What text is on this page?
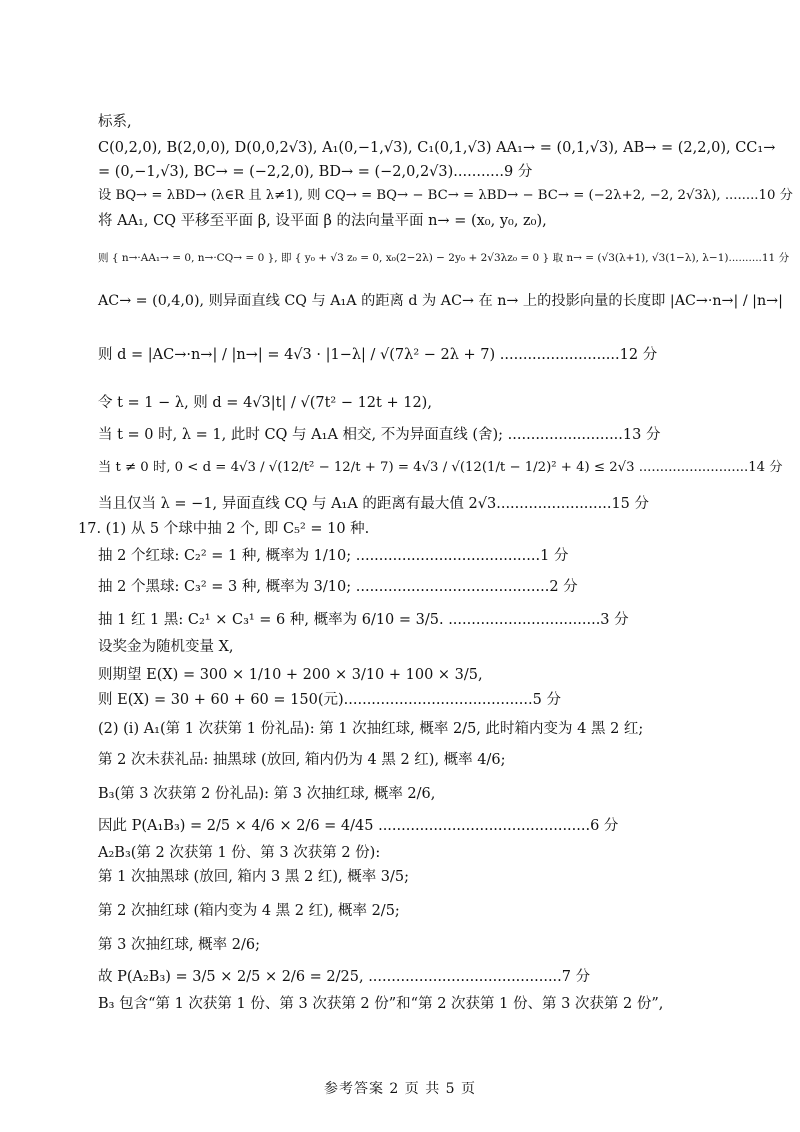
标系,
C(0,2,0), B(2,0,0), D(0,0,2√3), A₁(0,−1,√3), C₁(0,1,√3) AA₁→ = (0,1,√3), AB→ = (2,2,0), CC₁→
= (0,−1,√3), BC→ = (−2,2,0), BD→ = (−2,0,2√3)...........9 分
设 BQ→ = λBD→ (λ∈R 且 λ≠1), 则 CQ→ = BQ→ − BC→ = λBD→ − BC→ = (−2λ+2, −2, 2√3λ), ........10 分
将 AA₁, CQ 平移至平面 β, 设平面 β 的法向量平面 n→ = (x₀, y₀, z₀),
则 { n→·AA₁→ = 0, n→·CQ→ = 0 }, 即 { y₀ + √3 z₀ = 0, x₀(2−2λ) − 2y₀ + 2√3λz₀ = 0 } 取 n→ = (√3(λ+1), √3(1−λ), λ−1)..........11 分
AC→ = (0,4,0), 则异面直线 CQ 与 A₁A 的距离 d 为 AC→ 在 n→ 上的投影向量的长度即 |AC→·n→| / |n→|
则 d = |AC→·n→| / |n→| = 4√3 · |1−λ| / √(7λ² − 2λ + 7) ..........................12 分
令 t = 1 − λ, 则 d = 4√3|t| / √(7t² − 12t + 12),
当 t = 0 时, λ = 1, 此时 CQ 与 A₁A 相交, 不为异面直线 (舍); .........................13 分
当 t ≠ 0 时, 0 < d = 4√3 / √(12/t² − 12/t + 7) = 4√3 / √(12(1/t − 1/2)² + 4) ≤ 2√3 ..........................14 分
当且仅当 λ = −1, 异面直线 CQ 与 A₁A 的距离有最大值 2√3.........................15 分
17. (1) 从 5 个球中抽 2 个, 即 C₅² = 10 种.
抽 2 个红球: C₂² = 1 种, 概率为 1/10; ........................................1 分
抽 2 个黑球: C₃² = 3 种, 概率为 3/10; ..........................................2 分
抽 1 红 1 黑: C₂¹ × C₃¹ = 6 种, 概率为 6/10 = 3/5. .................................3 分
设奖金为随机变量 X,
则期望 E(X) = 300 × 1/10 + 200 × 3/10 + 100 × 3/5,
则 E(X) = 30 + 60 + 60 = 150(元).........................................5 分
(2) (ⅰ) A₁(第 1 次获第 1 份礼品): 第 1 次抽红球, 概率 2/5, 此时箱内变为 4 黑 2 红;
第 2 次未获礼品: 抽黑球 (放回, 箱内仍为 4 黑 2 红), 概率 4/6;
B₃(第 3 次获第 2 份礼品): 第 3 次抽红球, 概率 2/6,
因此 P(A₁B₃) = 2/5 × 4/6 × 2/6 = 4/45 ..............................................6 分
A₂B₃(第 2 次获第 1 份、第 3 次获第 2 份):
第 1 次抽黑球 (放回, 箱内 3 黑 2 红), 概率 3/5;
第 2 次抽红球 (箱内变为 4 黑 2 红), 概率 2/5;
第 3 次抽红球, 概率 2/6;
故 P(A₂B₃) = 3/5 × 2/5 × 2/6 = 2/25, ..........................................7 分
B₃ 包含“第 1 次获第 1 份、第 3 次获第 2 份”和“第 2 次获第 1 份、第 3 次获第 2 份”,
参考答案 2 页 共 5 页
